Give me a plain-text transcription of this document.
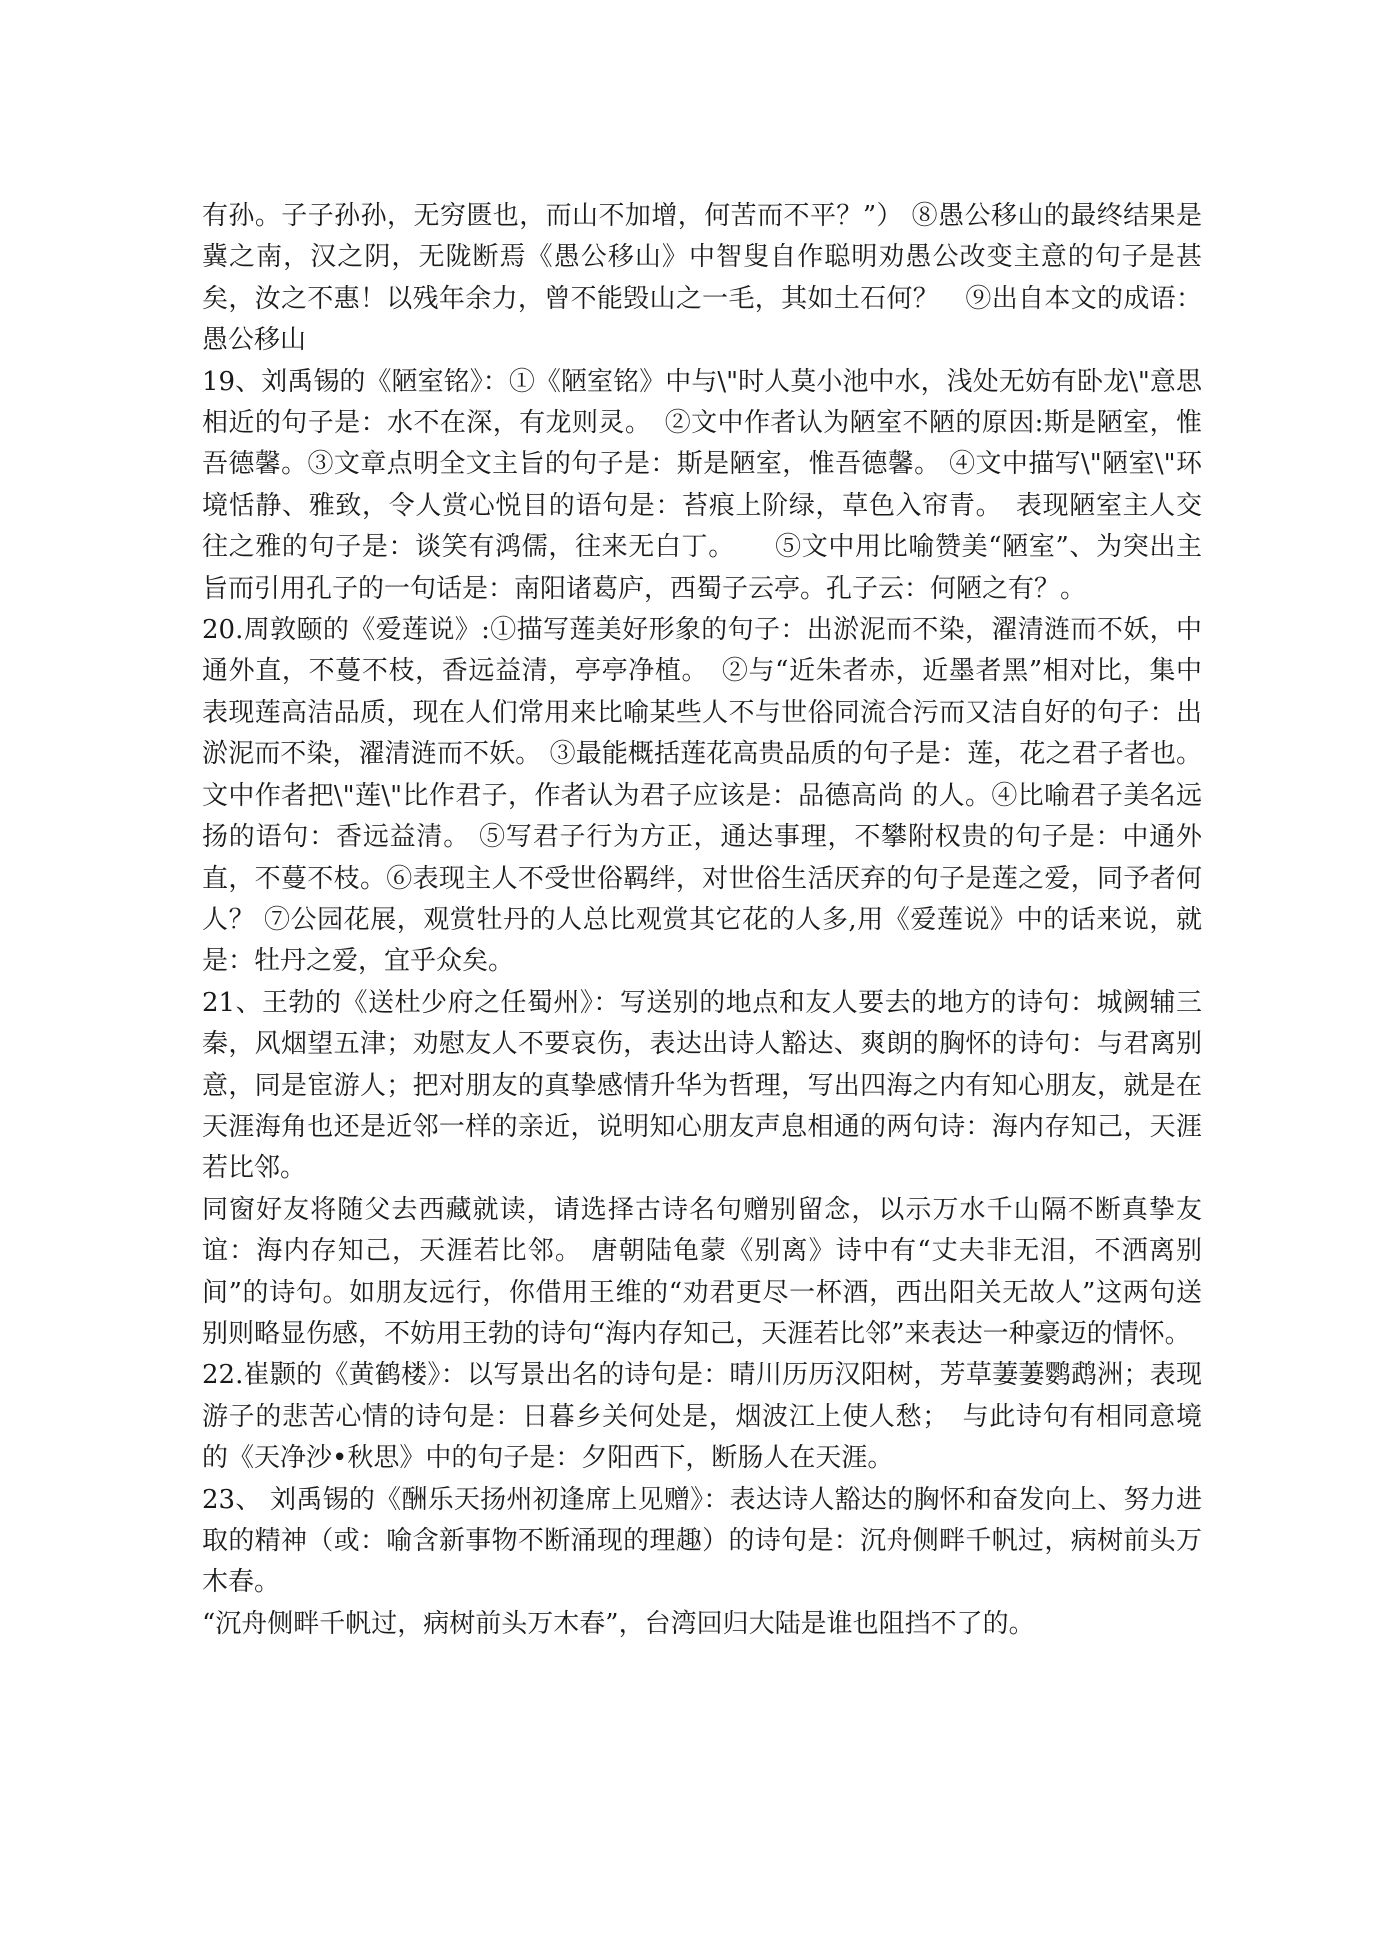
有孙。子子孙孙，无穷匮也，而山不加增，何苦而不平？”） ⑧愚公移山的最终结果是冀之南，汉之阴，无陇断焉《愚公移山》中智叟自作聪明劝愚公改变主意的句子是甚矣，汝之不惠！以残年余力，曾不能毁山之一毛，其如土石何？　⑨出自本文的成语：愚公移山

19、刘禹锡的《陋室铭》：①《陋室铭》中与\"时人莫小池中水，浅处无妨有卧龙\"意思相近的句子是：水不在深，有龙则灵。　②文中作者认为陋室不陋的原因:斯是陋室，惟吾德馨。③文章点明全文主旨的句子是：斯是陋室，惟吾德馨。 ④文中描写\"陋室\"环境恬静、雅致，令人赏心悦目的语句是：苔痕上阶绿，草色入帘青。　表现陋室主人交往之雅的句子是：谈笑有鸿儒，往来无白丁。　　⑤文中用比喻赞美“陋室”、为突出主旨而引用孔子的一句话是：南阳诸葛庐，西蜀子云亭。孔子云：何陋之有？。

20.周敦颐的《爱莲说》:①描写莲美好形象的句子：出淤泥而不染，濯清涟而不妖，中通外直，不蔓不枝，香远益清，亭亭净植。　②与“近朱者赤，近墨者黑”相对比，集中表现莲高洁品质，现在人们常用来比喻某些人不与世俗同流合污而又洁自好的句子：出淤泥而不染，濯清涟而不妖。 ③最能概括莲花高贵品质的句子是：莲，花之君子者也。文中作者把\"莲\"比作君子，作者认为君子应该是：品德高尚 的人。④比喻君子美名远扬的语句：香远益清。 ⑤写君子行为方正，通达事理，不攀附权贵的句子是：中通外直，不蔓不枝。⑥表现主人不受世俗羁绊，对世俗生活厌弃的句子是莲之爱，同予者何人？ ⑦公园花展，观赏牡丹的人总比观赏其它花的人多,用《爱莲说》中的话来说，就是：牡丹之爱，宜乎众矣。

21、王勃的《送杜少府之任蜀州》：写送别的地点和友人要去的地方的诗句：城阙辅三秦，风烟望五津；劝慰友人不要哀伤，表达出诗人豁达、爽朗的胸怀的诗句：与君离别意，同是宦游人；把对朋友的真挚感情升华为哲理，写出四海之内有知心朋友，就是在天涯海角也还是近邻一样的亲近，说明知心朋友声息相通的两句诗：海内存知己，天涯若比邻。

同窗好友将随父去西藏就读，请选择古诗名句赠别留念，以示万水千山隔不断真挚友谊：海内存知己，天涯若比邻。 唐朝陆龟蒙《别离》诗中有“丈夫非无泪，不洒离别间”的诗句。如朋友远行，你借用王维的“劝君更尽一杯酒，西出阳关无故人”这两句送别则略显伤感，不妨用王勃的诗句“海内存知己，天涯若比邻”来表达一种豪迈的情怀。

22.崔颢的《黄鹤楼》：以写景出名的诗句是：晴川历历汉阳树，芳草萋萋鹦鹉洲；表现游子的悲苦心情的诗句是：日暮乡关何处是，烟波江上使人愁；　与此诗句有相同意境的《天净沙•秋思》中的句子是：夕阳西下，断肠人在天涯。

23、 刘禹锡的《酬乐天扬州初逢席上见赠》：表达诗人豁达的胸怀和奋发向上、努力进取的精神（或：喻含新事物不断涌现的理趣）的诗句是：沉舟侧畔千帆过，病树前头万木春。

“沉舟侧畔千帆过，病树前头万木春”，台湾回归大陆是谁也阻挡不了的。
